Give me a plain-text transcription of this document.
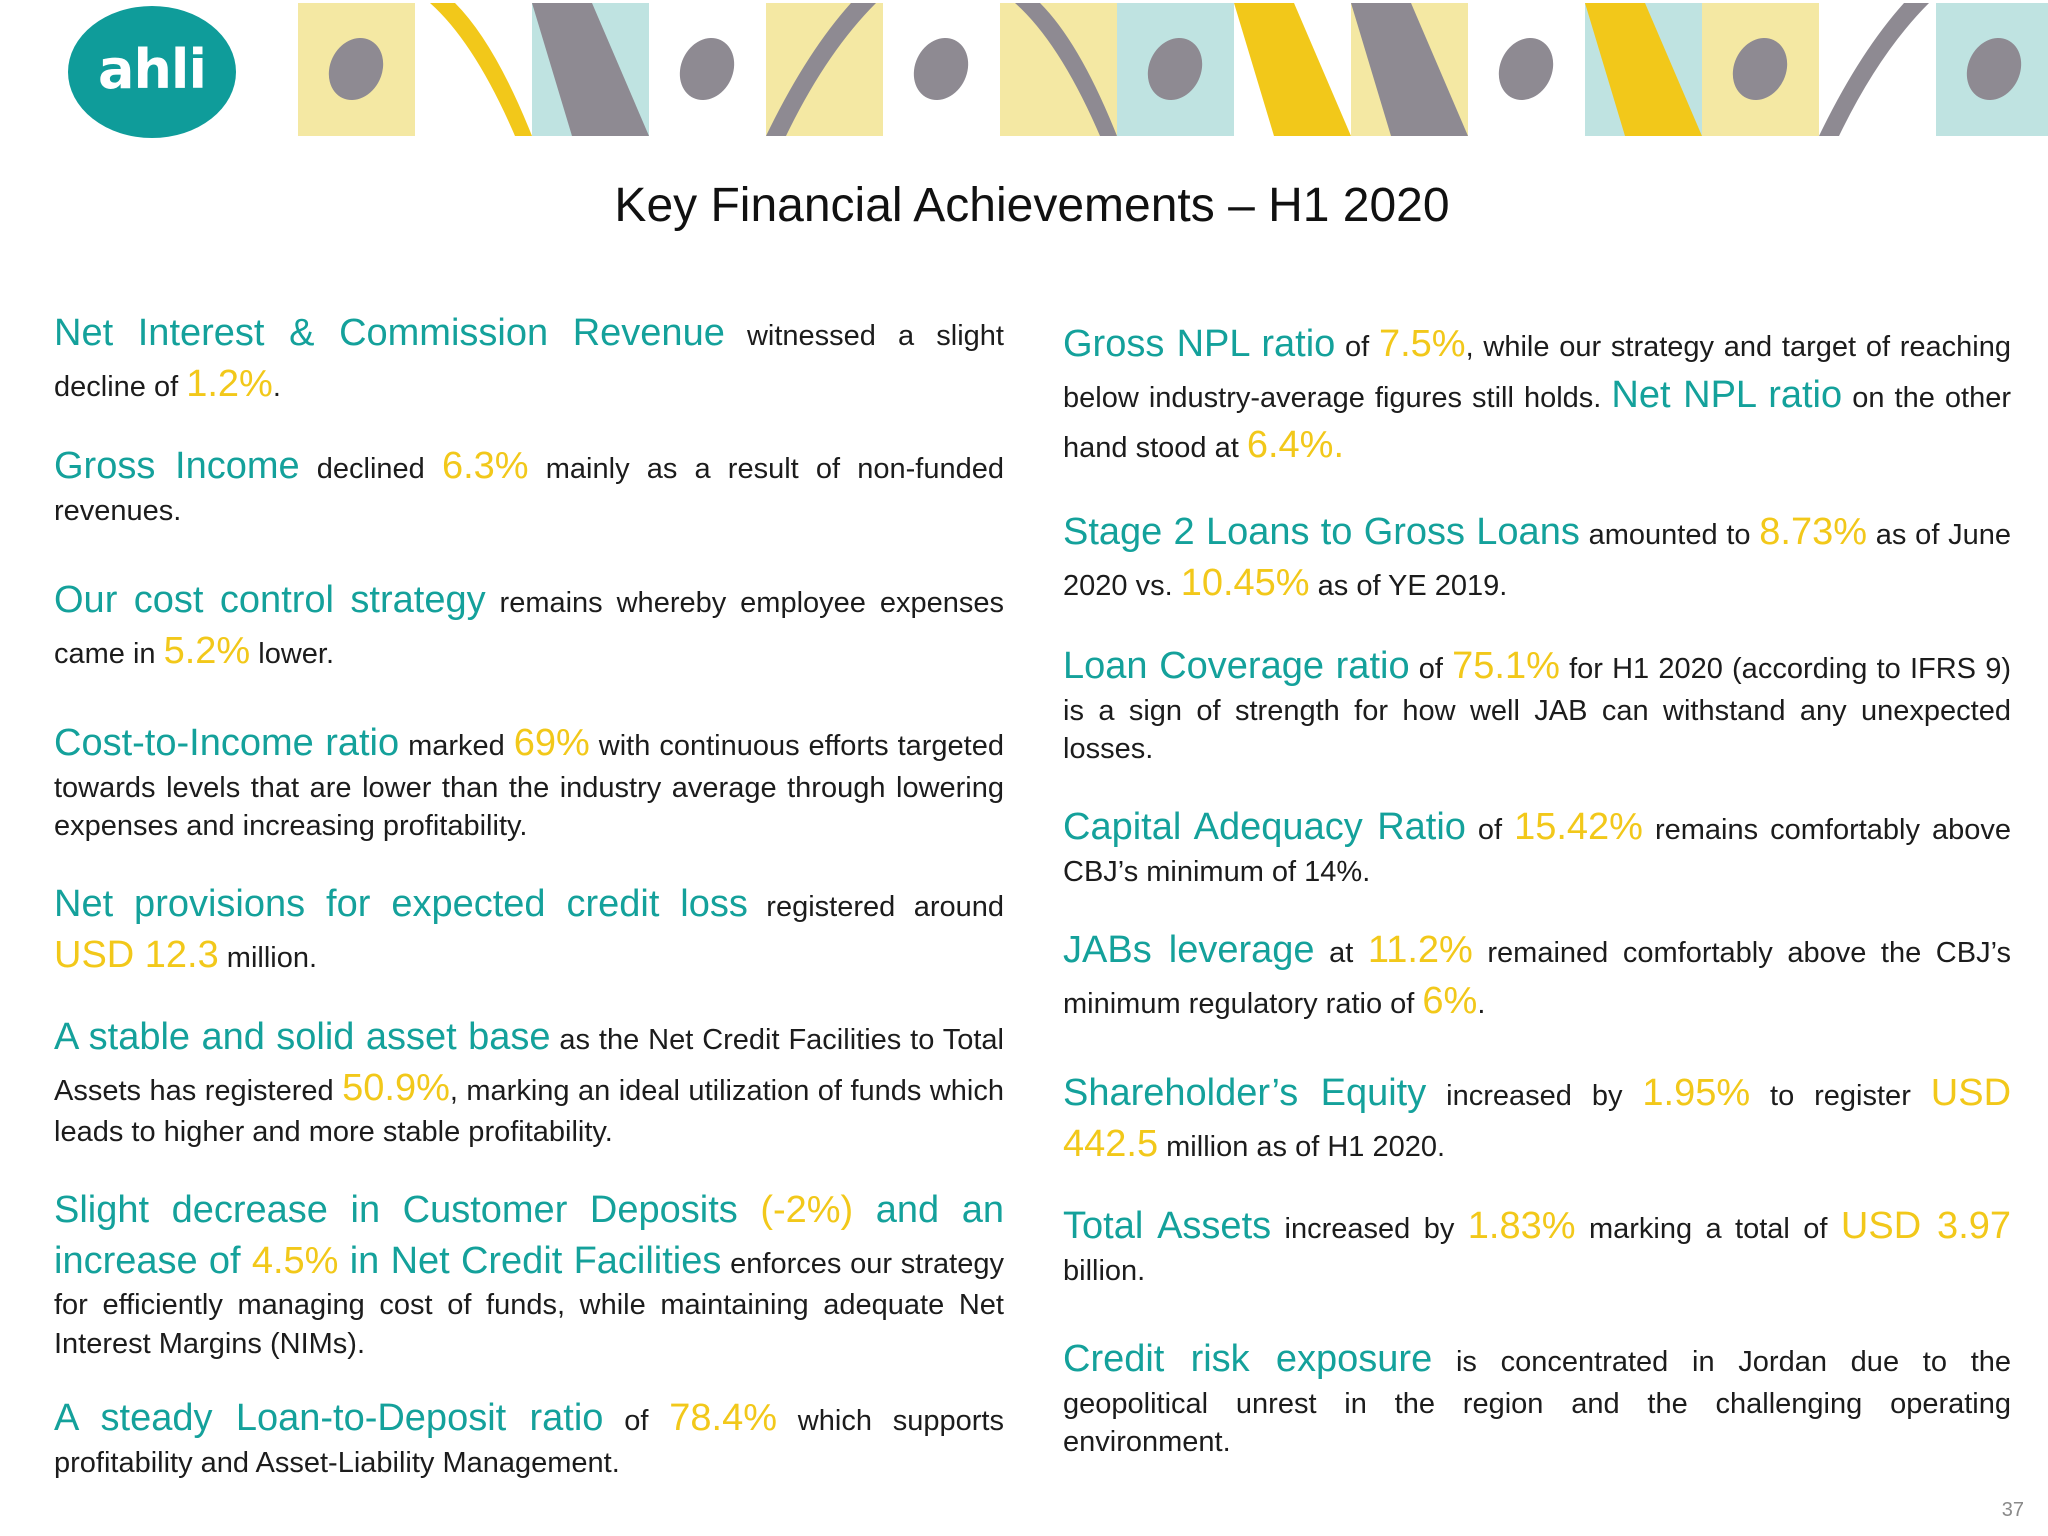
ahli
Key Financial Achievements – H1 2020
Net Interest & Commission Revenue witnessed a slight decline of 1.2%.
Gross Income declined 6.3% mainly as a result of non-funded revenues.
Our cost control strategy remains whereby employee expenses came in 5.2% lower.
Cost-to-Income ratio marked 69% with continuous efforts targeted towards levels that are lower than the industry average through lowering expenses and increasing profitability.
Net provisions for expected credit loss registered around USD 12.3 million.
A stable and solid asset base as the Net Credit Facilities to Total Assets has registered 50.9%, marking an ideal utilization of funds which leads to higher and more stable profitability.
Slight decrease in Customer Deposits (-2%) and an increase of 4.5% in Net Credit Facilities enforces our strategy for efficiently managing cost of funds, while maintaining adequate Net Interest Margins (NIMs).
A steady Loan-to-Deposit ratio of 78.4% which supports profitability and Asset-Liability Management.
Gross NPL ratio of 7.5%, while our strategy and target of reaching below industry-average figures still holds. Net NPL ratio on the other hand stood at 6.4%.
Stage 2 Loans to Gross Loans amounted to 8.73% as of June 2020 vs. 10.45% as of YE 2019.
Loan Coverage ratio of 75.1% for H1 2020 (according to IFRS 9) is a sign of strength for how well JAB can withstand any unexpected losses.
Capital Adequacy Ratio of 15.42% remains comfortably above CBJ’s minimum of 14%.
JABs leverage at 11.2% remained comfortably above the CBJ’s minimum regulatory ratio of 6%.
Shareholder’s Equity increased by 1.95% to register USD 442.5 million as of H1 2020.
Total Assets increased by 1.83% marking a total of USD 3.97 billion.
Credit risk exposure is concentrated in Jordan due to the geopolitical unrest in the region and the challenging operating environment.
37
